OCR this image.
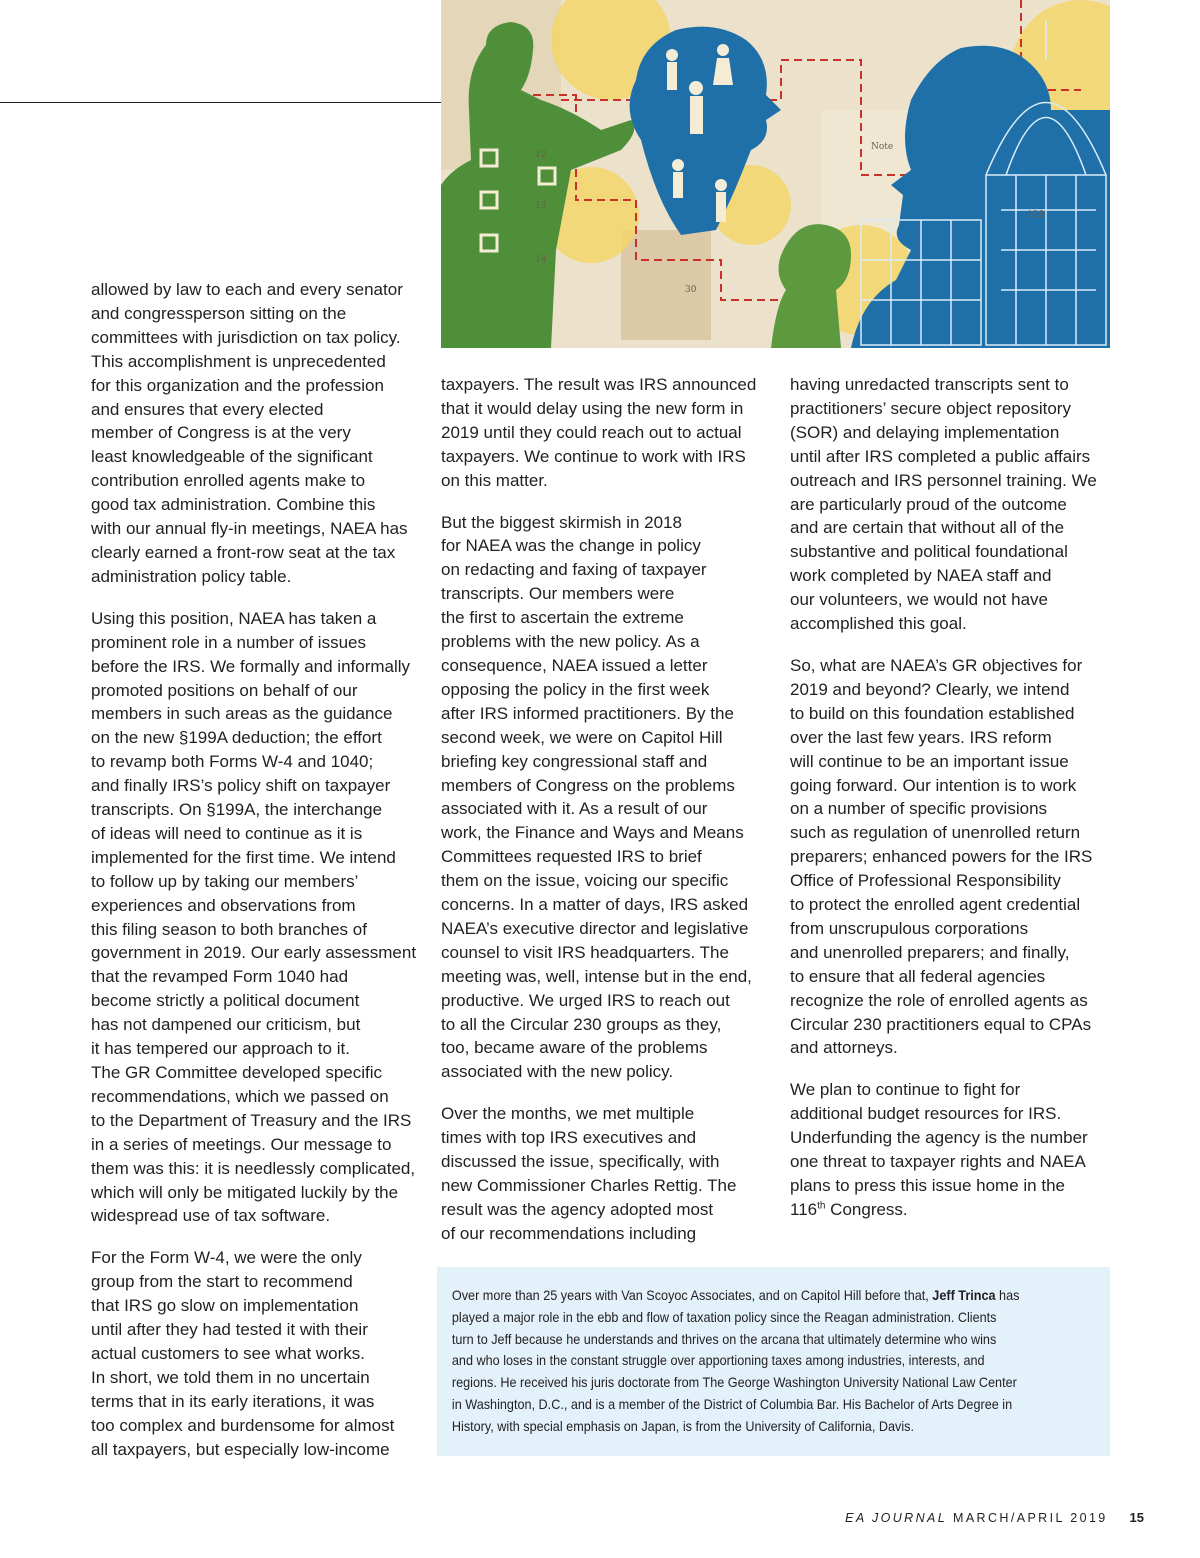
12
13
14
30
128
Note

allowed by law to each and every senator
and congressperson sitting on the
committees with jurisdiction on tax policy.
This accomplishment is unprecedented
for this organization and the profession
and ensures that every elected
member of Congress is at the very
least knowledgeable of the significant
contribution enrolled agents make to
good tax administration. Combine this
with our annual fly-in meetings, NAEA has
clearly earned a front-row seat at the tax
administration policy table.

Using this position, NAEA has taken a
prominent role in a number of issues
before the IRS. We formally and informally
promoted positions on behalf of our
members in such areas as the guidance
on the new §199A deduction; the effort
to revamp both Forms W-4 and 1040;
and finally IRS’s policy shift on taxpayer
transcripts. On §199A, the interchange
of ideas will need to continue as it is
implemented for the first time. We intend
to follow up by taking our members’
experiences and observations from
this filing season to both branches of
government in 2019. Our early assessment
that the revamped Form 1040 had
become strictly a political document
has not dampened our criticism, but
it has tempered our approach to it.
The GR Committee developed specific
recommendations, which we passed on
to the Department of Treasury and the IRS
in a series of meetings. Our message to
them was this: it is needlessly complicated,
which will only be mitigated luckily by the
widespread use of tax software.

For the Form W-4, we were the only
group from the start to recommend
that IRS go slow on implementation
until after they had tested it with their
actual customers to see what works.
In short, we told them in no uncertain
terms that in its early iterations, it was
too complex and burdensome for almost
all taxpayers, but especially low-income

taxpayers. The result was IRS announced
that it would delay using the new form in
2019 until they could reach out to actual
taxpayers. We continue to work with IRS
on this matter.

But the biggest skirmish in 2018
for NAEA was the change in policy
on redacting and faxing of taxpayer
transcripts. Our members were
the first to ascertain the extreme
problems with the new policy. As a
consequence, NAEA issued a letter
opposing the policy in the first week
after IRS informed practitioners. By the
second week, we were on Capitol Hill
briefing key congressional staff and
members of Congress on the problems
associated with it. As a result of our
work, the Finance and Ways and Means
Committees requested IRS to brief
them on the issue, voicing our specific
concerns. In a matter of days, IRS asked
NAEA’s executive director and legislative
counsel to visit IRS headquarters. The
meeting was, well, intense but in the end,
productive. We urged IRS to reach out
to all the Circular 230 groups as they,
too, became aware of the problems
associated with the new policy.

Over the months, we met multiple
times with top IRS executives and
discussed the issue, specifically, with
new Commissioner Charles Rettig. The
result was the agency adopted most
of our recommendations including

having unredacted transcripts sent to
practitioners’ secure object repository
(SOR) and delaying implementation
until after IRS completed a public affairs
outreach and IRS personnel training. We
are particularly proud of the outcome
and are certain that without all of the
substantive and political foundational
work completed by NAEA staff and
our volunteers, we would not have
accomplished this goal.

So, what are NAEA’s GR objectives for
2019 and beyond? Clearly, we intend
to build on this foundation established
over the last few years. IRS reform
will continue to be an important issue
going forward. Our intention is to work
on a number of specific provisions
such as regulation of unenrolled return
preparers; enhanced powers for the IRS
Office of Professional Responsibility
to protect the enrolled agent credential
from unscrupulous corporations
and unenrolled preparers; and finally,
to ensure that all federal agencies
recognize the role of enrolled agents as
Circular 230 practitioners equal to CPAs
and attorneys.

We plan to continue to fight for
additional budget resources for IRS.
Underfunding the agency is the number
one threat to taxpayer rights and NAEA
plans to press this issue home in the
116th Congress.

Over more than 25 years with Van Scoyoc Associates, and on Capitol Hill before that, Jeff Trinca has
played a major role in the ebb and flow of taxation policy since the Reagan administration. Clients
turn to Jeff because he understands and thrives on the arcana that ultimately determine who wins
and who loses in the constant struggle over apportioning taxes among industries, interests, and
regions. He received his juris doctorate from The George Washington University National Law Center
in Washington, D.C., and is a member of the District of Columbia Bar. His Bachelor of Arts Degree in
History, with special emphasis on Japan, is from the University of California, Davis.

EA JOURNAL MARCH/APRIL 2019 15
